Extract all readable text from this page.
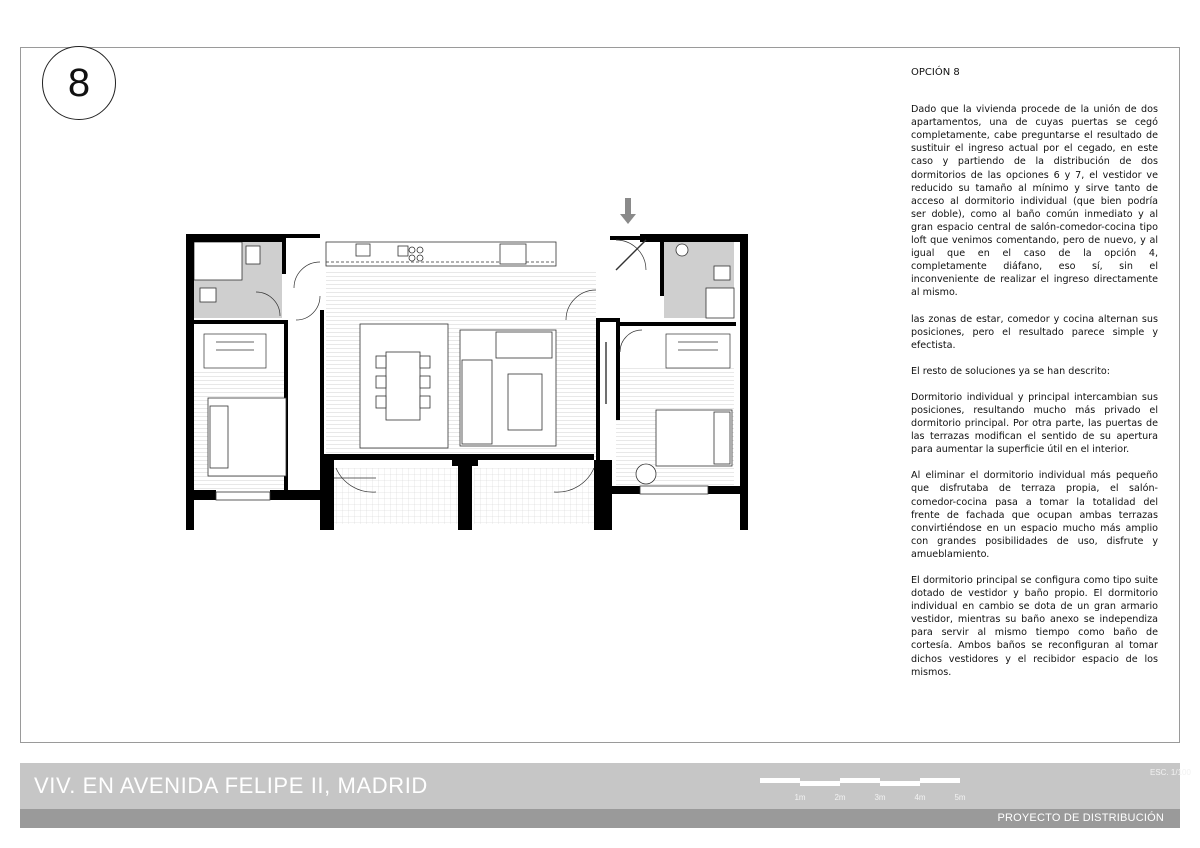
8	OPCIÓN 8

Dado que la vivienda procede de la unión de dos apartamentos, una de cuyas puertas se cegó completamente, cabe preguntarse el resultado de sustituir el ingreso actual por el cegado, en este caso y partiendo de la distribución de dos dormitorios de las opciones 6 y 7, el vestidor ve reducido su tamaño al mínimo y sirve tanto de acceso al dormitorio individual (que bien podría ser doble), como al baño común inmediato y al gran espacio central de salón-comedor-cocina tipo loft que venimos comentando, pero de nuevo, y al igual que en el caso de la opción 4, completamente diáfano, eso sí, sin el inconveniente de realizar el ingreso directamente al mismo.

las zonas de estar, comedor y cocina alternan sus posiciones, pero el resultado parece simple y efectista.

El resto de soluciones ya se han descrito:

Dormitorio individual y principal intercambian sus posiciones, resultando mucho más privado el dormitorio principal. Por otra parte, las puertas de las terrazas modifican el sentido de su apertura para aumentar la superficie útil en el interior.

Al eliminar el dormitorio individual más pequeño que disfrutaba de terraza propia, el salón-comedor-cocina pasa a tomar la totalidad del frente de fachada que ocupan ambas terrazas convirtiéndose en un espacio mucho más amplio con grandes posibilidades de uso, disfrute y amueblamiento.

El dormitorio principal se configura como tipo suite dotado de vestidor y baño propio. El dormitorio individual en cambio se dota de un gran armario vestidor, mientras su baño anexo se independiza para servir al mismo tiempo como baño de cortesía. Ambos baños se reconfiguran al tomar dichos vestidores y el recibidor espacio de los mismos.

VIV. EN AVENIDA FELIPE II, MADRID
ESC. 1/100
1m	2m	3m	4m	5m
PROYECTO DE DISTRIBUCIÓN
